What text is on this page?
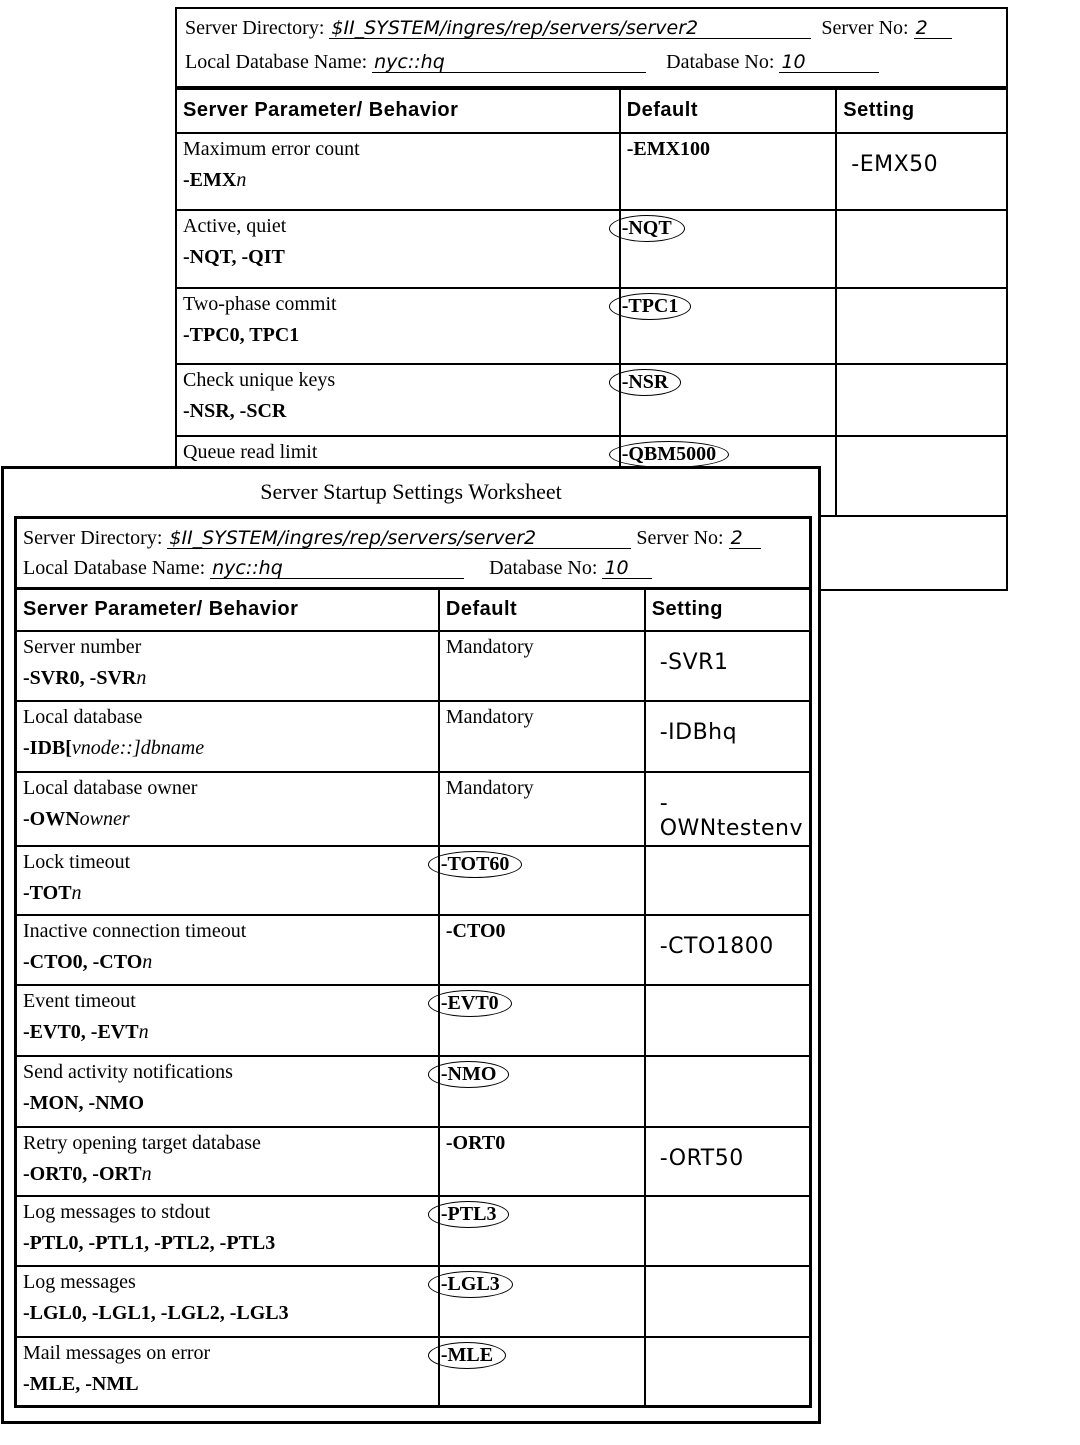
Server Directory: $II_SYSTEM/ingres/rep/servers/server2	Server No: 2
Local Database Name: nyc::hq	Database No: 10
Server Parameter/ Behavior	Default	Setting
Maximum error count
-EMXn	-EMX100	-EMX50

Active, quiet
-NQT, -QIT	-NQT	

Two-phase commit
-TPC0, TPC1	-TPC1	

Check unique keys
-NSR, -SCR	-NSR	

Queue read limit	-QBM5000	
Server Startup Settings Worksheet
Server Directory: $II_SYSTEM/ingres/rep/servers/server2	Server No: 2
Local Database Name: nyc::hq	Database No: 10
Server Parameter/ Behavior	Default	Setting
Server number
-SVR0, -SVRn	Mandatory	-SVR1

Local database
-IDB[vnode::]dbname	Mandatory	-IDBhq

Local database owner
-OWNowner	Mandatory	-OWNtestenv

Lock timeout
-TOTn	-TOT60	

Inactive connection timeout
-CTO0, -CTOn	-CTO0	-CTO1800

Event timeout
-EVT0, -EVTn	-EVT0	

Send activity notifications
-MON, -NMO	-NMO	

Retry opening target database
-ORT0, -ORTn	-ORT0	-ORT50

Log messages to stdout
-PTL0, -PTL1, -PTL2, -PTL3	-PTL3	

Log messages
-LGL0, -LGL1, -LGL2, -LGL3	-LGL3	

Mail messages on error
-MLE, -NML	-MLE	
